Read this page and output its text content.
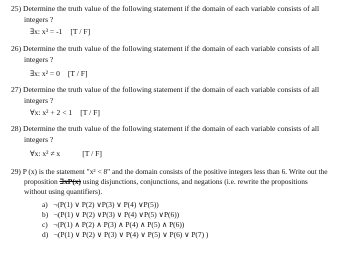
25) Determine the truth value of the following statement if the domain of each variable consists of all
integers ?
∃x: x³ = -1 [T / F]
26) Determine the truth value of the following statement if the domain of each variable consists of all
integers ?
∃x: x² = 0 [T / F]
27) Determine the truth value of the following statement if the domain of each variable consists of all
integers ?
∀x: x² + 2 < 1 [T / F]
28) Determine the truth value of the following statement if the domain of each variable consists of all
integers ?
∀x: x² ≠ x	[T / F]
29) P (x) is the statement "x² < 8" and the domain consists of the positive integers less than 6. Write out the
proposition ∃xP(x) using disjunctions, conjunctions, and negations (i.e. rewrite the propositions
without using quantifiers).
a)   ¬(P(1) ∨ P(2) ∨P(3) ∨ P(4) ∨P(5))
b)   ¬(P(1) ∨ P(2) ∨P(3) ∨ P(4) ∨P(5) ∨P(6))
c)   ¬(P(1) ∧ P(2) ∧ P(3) ∧ P(4) ∧ P(5) ∧ P(6))
d)   ¬(P(1) ∨ P(2) ∨ P(3) ∨ P(4) ∨ P(5) ∨ P(6) ∨ P(7) )
